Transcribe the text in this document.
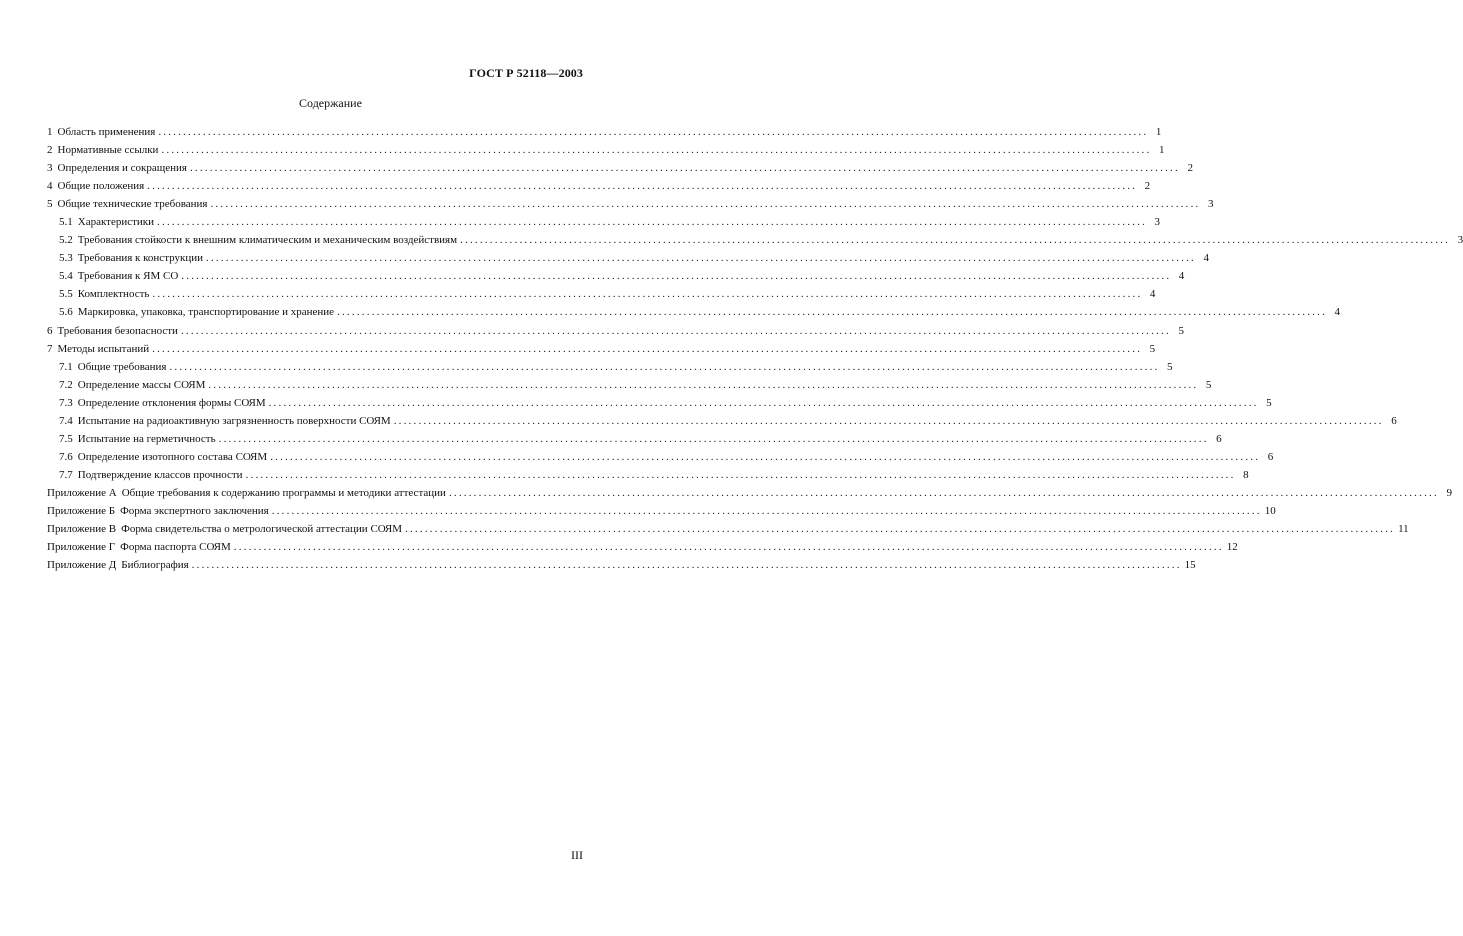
ГОСТ Р 52118—2003
Содержание
1 Область применения ........................................................................................................................................................................................................ 1
2 Нормативные ссылки ........................................................................................................................................................................................................ 1
3 Определения и сокращения ........................................................................................................................................................................................................ 2
4 Общие положения ........................................................................................................................................................................................................ 2
5 Общие технические требования ........................................................................................................................................................................................................ 3
5.1 Характеристики ........................................................................................................................................................................................................ 3
5.2 Требования стойкости к внешним климатическим и механическим воздействиям ........................................................................................................................................................................................................ 3
5.3 Требования к конструкции ........................................................................................................................................................................................................ 4
5.4 Требования к ЯМ СО ........................................................................................................................................................................................................ 4
5.5 Комплектность ........................................................................................................................................................................................................ 4
5.6 Маркировка, упаковка, транспортирование и хранение ........................................................................................................................................................................................................ 4
6 Требования безопасности ........................................................................................................................................................................................................ 5
7 Методы испытаний ........................................................................................................................................................................................................ 5
7.1 Общие требования ........................................................................................................................................................................................................ 5
7.2 Определение массы СОЯМ ........................................................................................................................................................................................................ 5
7.3 Определение отклонения формы СОЯМ ........................................................................................................................................................................................................ 5
7.4 Испытание на радиоактивную загрязненность поверхности СОЯМ ........................................................................................................................................................................................................ 6
7.5 Испытание на герметичность ........................................................................................................................................................................................................ 6
7.6 Определение изотопного состава СОЯМ ........................................................................................................................................................................................................ 6
7.7 Подтверждение классов прочности ........................................................................................................................................................................................................ 8
Приложение А Общие требования к содержанию программы и методики аттестации ........................................................................................................................................................................................................ 9
Приложение Б Форма экспертного заключения ........................................................................................................................................................................................................ 10
Приложение В Форма свидетельства о метрологической аттестации СОЯМ ........................................................................................................................................................................................................ 11
Приложение Г Форма паспорта СОЯМ ........................................................................................................................................................................................................ 12
Приложение Д Библиография ........................................................................................................................................................................................................ 15
III
